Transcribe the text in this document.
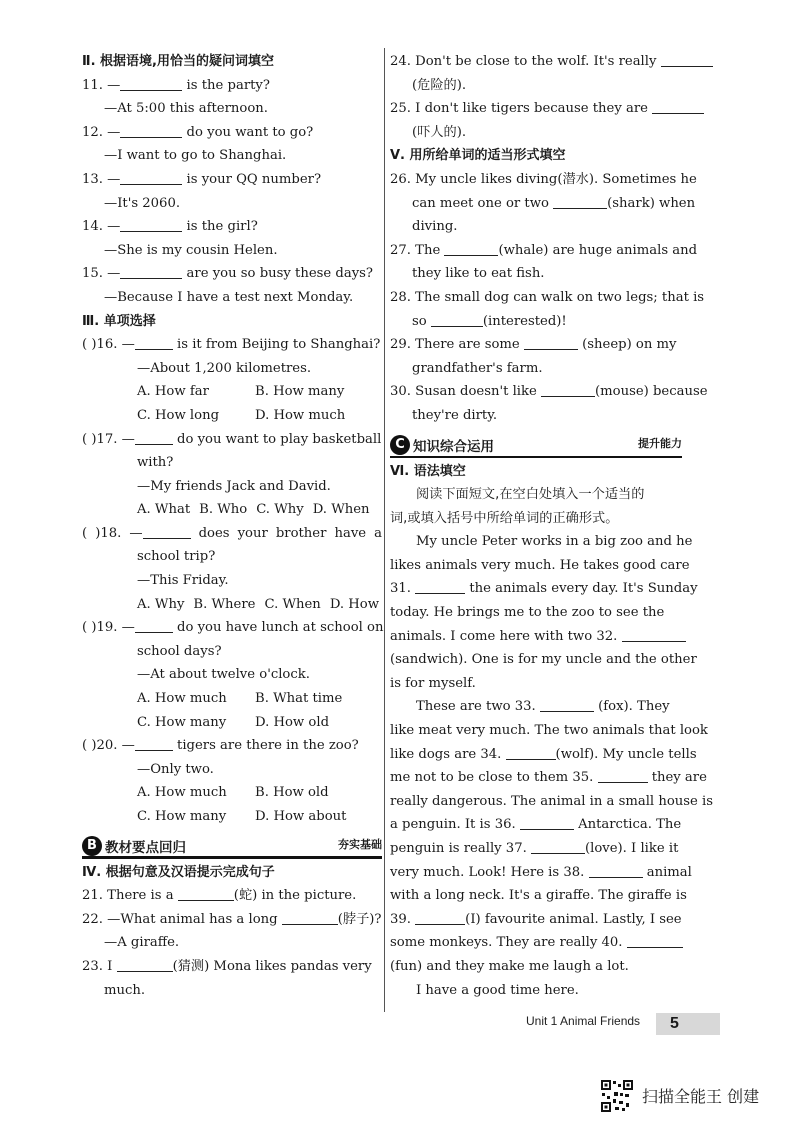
Ⅱ. 根据语境,用恰当的疑问词填空
11. —	is the party?
—At 5:00 this afternoon.
12. —	do you want to go?
—I want to go to Shanghai.
13. —	is your QQ number?
—It's 2060.
14. —	is the girl?
—She is my cousin Helen.
15. —	are you so busy these days?
—Because I have a test next Monday.
Ⅲ. 单项选择
( )16. —	is it from Beijing to Shanghai?
—About 1,200 kilometres.
A. How far	B. How many
C. How long	D. How much
( )17. —	do you want to play basketball
with?
—My friends Jack and David.
A. What B. Who C. Why D. When
( )18. —	does your brother have a
school trip?
—This Friday.
A. Why B. Where C. When D. How
( )19. —	do you have lunch at school on
school days?
—At about twelve o'clock.
A. How much	B. What time
C. How many	D. How old
( )20. —	tigers are there in the zoo?
—Only two.
A. How much	B. How old
C. How many	D. How about
B 教材要点回归	夯实基础
Ⅳ. 根据句意及汉语提示完成句子
21. There is a	(蛇) in the picture.
22. —What animal has a long	(脖子)?
—A giraffe.
23. I	(猜测) Mona likes pandas very
much.
24. Don't be close to the wolf. It's really
(危险的).
25. I don't like tigers because they are
(吓人的).
Ⅴ. 用所给单词的适当形式填空
26. My uncle likes diving(潜水). Sometimes he
can meet one or two	(shark) when
diving.
27. The	(whale) are huge animals and
they like to eat fish.
28. The small dog can walk on two legs; that is
so	(interested)!
29. There are some	(sheep) on my
grandfather's farm.
30. Susan doesn't like	(mouse) because
they're dirty.
C 知识综合运用	提升能力
Ⅵ. 语法填空
阅读下面短文,在空白处填入一个适当的
词,或填入括号中所给单词的正确形式。
My uncle Peter works in a big zoo and he
likes animals very much. He takes good care
31.	the animals every day. It's Sunday
today. He brings me to the zoo to see the
animals. I come here with two 32.
(sandwich). One is for my uncle and the other
is for myself.
These are two 33.	(fox). They
like meat very much. The two animals that look
like dogs are 34.	(wolf). My uncle tells
me not to be close to them 35.	they are
really dangerous. The animal in a small house is
a penguin. It is 36.	Antarctica. The
penguin is really 37.	(love). I like it
very much. Look! Here is 38.	animal
with a long neck. It's a giraffe. The giraffe is
39.	(I) favourite animal. Lastly, I see
some monkeys. They are really 40.
(fun) and they make me laugh a lot.
I have a good time here.
Unit 1 Animal Friends	5
扫描全能王 创建
